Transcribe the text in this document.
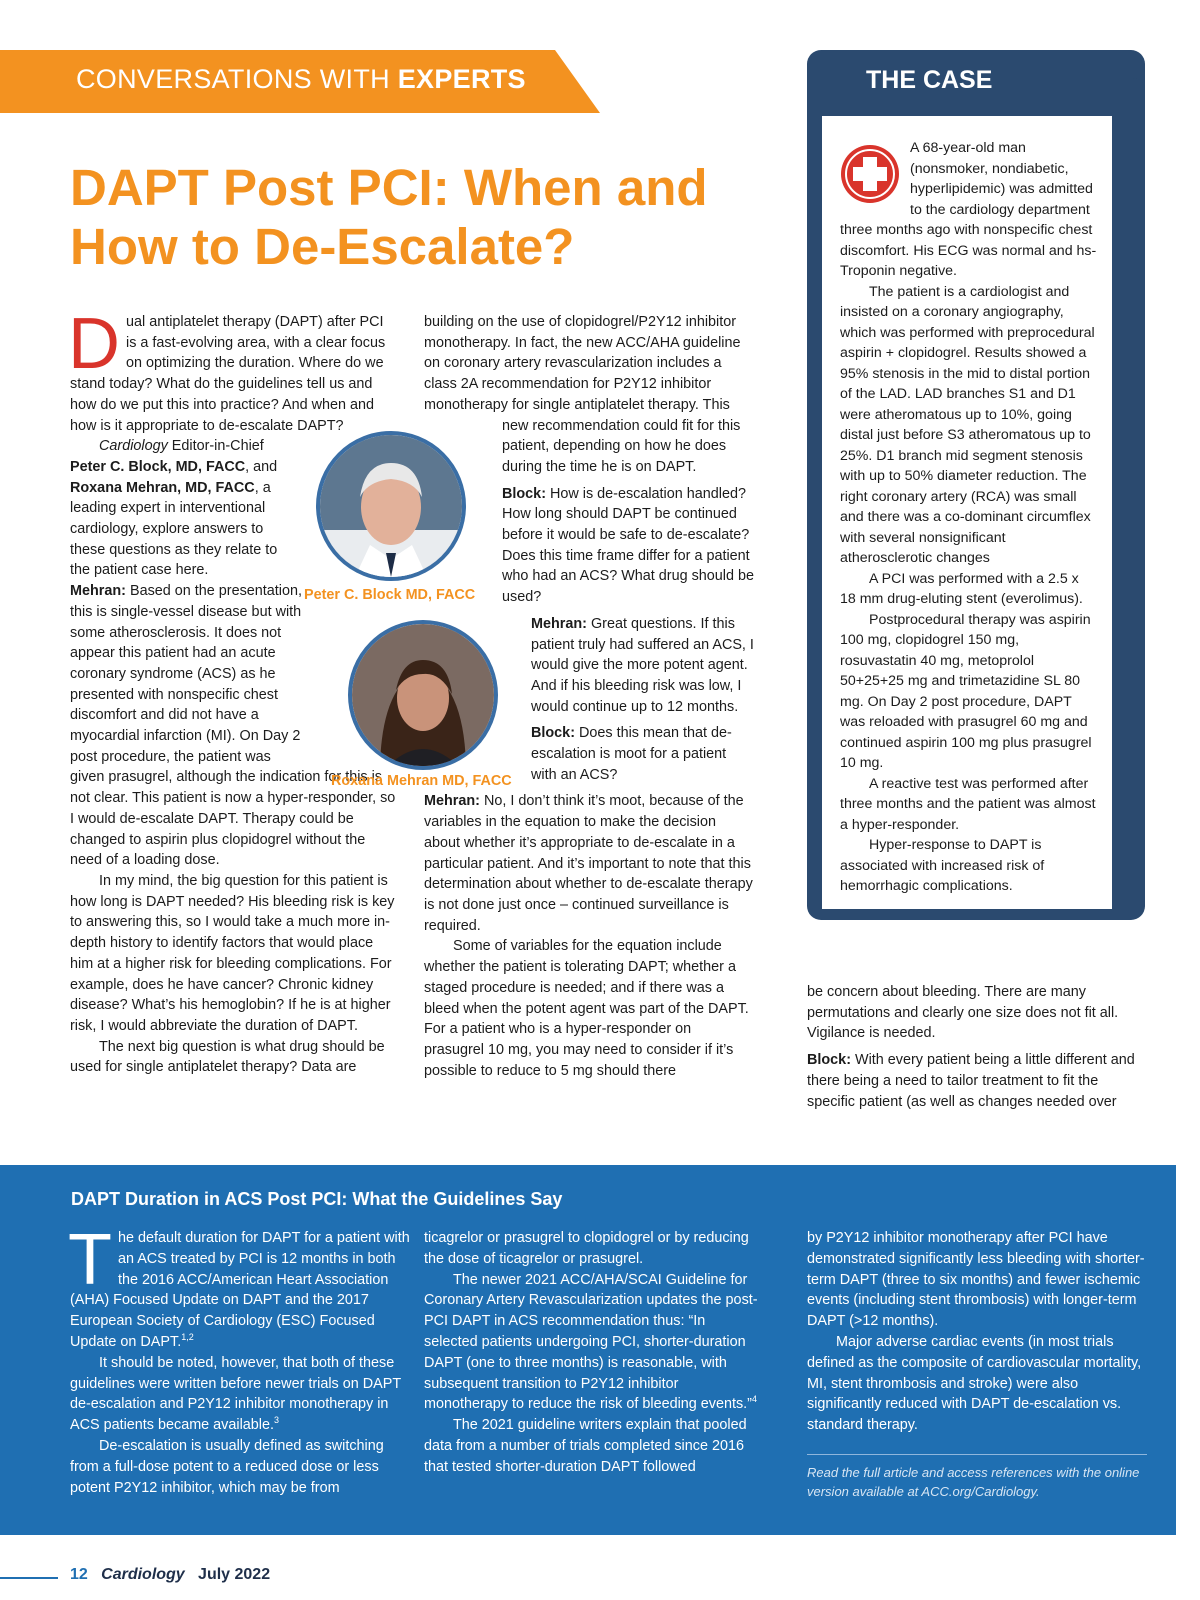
CONVERSATIONS WITH EXPERTS
DAPT Post PCI: When and How to De-Escalate?

Dual antiplatelet therapy (DAPT) after PCI is a fast-evolving area, with a clear focus on optimizing the duration. Where do we stand today? What do the guidelines tell us and how do we put this into practice? And when and how is it appropriate to de-escalate DAPT?

Cardiology Editor-in-Chief Peter C. Block, MD, FACC, and Roxana Mehran, MD, FACC, a leading expert in interventional cardiology, explore answers to these questions as they relate to the patient case here.

Mehran: Based on the presentation, this is single-vessel disease but with some atherosclerosis. It does not appear this patient had an acute coronary syndrome (ACS) as he presented with nonspecific chest discomfort and did not have a myocardial infarction (MI). On Day 2 post procedure, the patient was given prasugrel, although the indication for this is not clear. This patient is now a hyper-responder, so I would de-escalate DAPT. Therapy could be changed to aspirin plus clopidogrel without the need of a loading dose.

In my mind, the big question for this patient is how long is DAPT needed? His bleeding risk is key to answering this, so I would take a much more in-depth history to identify factors that would place him at a higher risk for bleeding complications. For example, does he have cancer? Chronic kidney disease? What’s his hemoglobin? If he is at higher risk, I would abbreviate the duration of DAPT.

The next big question is what drug should be used for single antiplatelet therapy? Data are

Peter C. Block MD, FACC
Roxana Mehran MD, FACC

building on the use of clopidogrel/P2Y12 inhibitor monotherapy. In fact, the new ACC/AHA guideline on coronary artery revascularization includes a class 2A recommendation for P2Y12 inhibitor monotherapy for single antiplatelet therapy. This

new recommendation could fit for this patient, depending on how he does during the time he is on DAPT.

Block: How is de-escalation handled? How long should DAPT be continued before it would be safe to de-escalate? Does this time frame differ for a patient who had an ACS? What drug should be used?

Mehran: Great questions. If this patient truly had suffered an ACS, I would give the more potent agent. And if his bleeding risk was low, I would continue up to 12 months.

Block: Does this mean that de-escalation is moot for a patient with an ACS?

Mehran: No, I don’t think it’s moot, because of the variables in the equation to make the decision about whether it’s appropriate to de-escalate in a particular patient. And it’s important to note that this determination about whether to de-escalate therapy is not done just once – continued surveillance is required.

Some of variables for the equation include whether the patient is tolerating DAPT; whether a staged procedure is needed; and if there was a bleed when the potent agent was part of the DAPT. For a patient who is a hyper-responder on prasugrel 10 mg, you may need to consider if it’s possible to reduce to 5 mg should there

THE CASE

A 68-year-old man (nonsmoker, nondiabetic, hyperlipidemic) was admitted to the cardiology department three months ago with nonspecific chest discomfort. His ECG was normal and hs-Troponin negative.

The patient is a cardiologist and insisted on a coronary angiography, which was performed with preprocedural aspirin + clopidogrel. Results showed a 95% stenosis in the mid to distal portion of the LAD. LAD branches S1 and D1 were atheromatous up to 10%, going distal just before S3 atheromatous up to 25%. D1 branch mid segment stenosis with up to 50% diameter reduction. The right coronary artery (RCA) was small and there was a co-dominant circumflex with several nonsignificant atherosclerotic changes

A PCI was performed with a 2.5 x 18 mm drug-eluting stent (everolimus).

Postprocedural therapy was aspirin 100 mg, clopidogrel 150 mg, rosuvastatin 40 mg, metoprolol 50+25+25 mg and trimetazidine SL 80 mg. On Day 2 post procedure, DAPT was reloaded with prasugrel 60 mg and continued aspirin 100 mg plus prasugrel 10 mg.

A reactive test was performed after three months and the patient was almost a hyper-responder.

Hyper-response to DAPT is associated with increased risk of hemorrhagic complications.

be concern about bleeding. There are many permutations and clearly one size does not fit all. Vigilance is needed.

Block: With every patient being a little different and there being a need to tailor treatment to fit the specific patient (as well as changes needed over

DAPT Duration in ACS Post PCI: What the Guidelines Say

The default duration for DAPT for a patient with an ACS treated by PCI is 12 months in both the 2016 ACC/American Heart Association (AHA) Focused Update on DAPT and the 2017 European Society of Cardiology (ESC) Focused Update on DAPT.$^{1,2}$

It should be noted, however, that both of these guidelines were written before newer trials on DAPT de-escalation and P2Y12 inhibitor monotherapy in ACS patients became available.$^3$

De-escalation is usually defined as switching from a full-dose potent to a reduced dose or less potent P2Y12 inhibitor, which may be from

ticagrelor or prasugrel to clopidogrel or by reducing the dose of ticagrelor or prasugrel.

The newer 2021 ACC/AHA/SCAI Guideline for Coronary Artery Revascularization updates the post-PCI DAPT in ACS recommendation thus: “In selected patients undergoing PCI, shorter-duration DAPT (one to three months) is reasonable, with subsequent transition to P2Y12 inhibitor monotherapy to reduce the risk of bleeding events.”$^4$

The 2021 guideline writers explain that pooled data from a number of trials completed since 2016 that tested shorter-duration DAPT followed

by P2Y12 inhibitor monotherapy after PCI have demonstrated significantly less bleeding with shorter-term DAPT (three to six months) and fewer ischemic events (including stent thrombosis) with longer-term DAPT (>12 months).

Major adverse cardiac events (in most trials defined as the composite of cardiovascular mortality, MI, stent thrombosis and stroke) were also significantly reduced with DAPT de-escalation vs. standard therapy.

Read the full article and access references with the online version available at ACC.org/Cardiology.

12 Cardiology July 2022
